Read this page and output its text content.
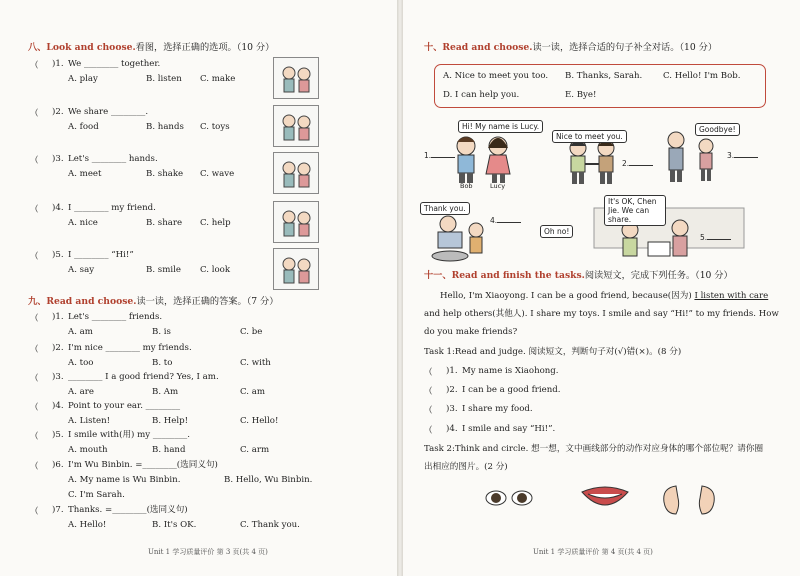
八、Look and choose.看图，选择正确的选项。（10 分）
（ )1. We ________ together.
A. play	B. listen C. make
（ )2. We share ________.
A. food	B. hands C. toys
（ )3. Let's ________ hands.
A. meet	B. shake C. wave
（ )4. I ________ my friend.
A. nice	B. share C. help
（ )5. I ________ “Hi!”
A. say	B. smile C. look
九、Read and choose.读一读，选择正确的答案。（7 分）
（ )1. Let's ________ friends.
A. am	B. is	C. be
（ )2. I'm nice ________ my friends.
A. too	B. to	C. with
（ )3. ________ I a good friend? Yes, I am.
A. are	B. Am	C. am
（ )4. Point to your ear. ________
A. Listen!	B. Help!	C. Hello!
（ )5. I smile with(用) my ________.
A. mouth	B. hand	C. arm
（ )6. I'm Wu Binbin. =________(选同义句)
A. My name is Wu Binbin.	B. Hello, Wu Binbin.
C. I'm Sarah.
（ )7. Thanks. =________(选同义句)
A. Hello!	B. It's OK.	C. Thank you.
Unit 1 学习质量评价 第 3 页(共 4 页)
十、Read and choose.读一读，选择合适的句子补全对话。（10 分）
A. Nice to meet you too. B. Thanks, Sarah. C. Hello! I'm Bob.
D. I can help you.	E. Bye!
Hi! My name is Lucy.
Nice to meet you.
Goodbye!
Thank you.
It's OK, Chen Jie. We can share.
Oh no!
1.
2.
3.
4.
5.
Bob	Lucy
十一、Read and finish the tasks.阅读短文，完成下列任务。（10 分）
Hello, I'm Xiaoyong. I can be a good friend, because(因为) I listen with care and help others(其他人). I share my toys. I smile and say “Hi!” to my friends. How do you make friends?
Task 1:Read and judge. 阅读短文，判断句子对(√)错(×)。(8 分)
（ )1. My name is Xiaohong.
（ )2. I can be a good friend.
（ )3. I share my food.
（ )4. I smile and say “Hi!”.
Task 2:Think and circle. 想一想，文中画线部分的动作对应身体的哪个部位呢？请你圈
出相应的图片。(2 分)
Unit 1 学习质量评价 第 4 页(共 4 页)
